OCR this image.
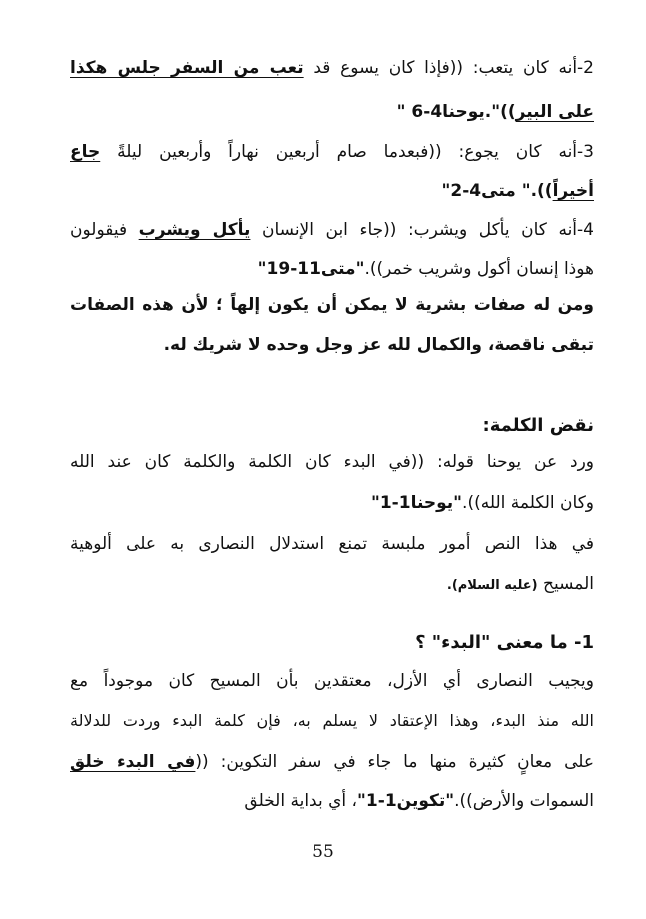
2-أنه كان يتعب: ((فإذا كان يسوع قد تعب من السفر جلس هكذا
على البير))".يوحنا4-6 "
3-أنه كان يجوع: ((فبعدما صام أربعين نهاراً وأربعين ليلةً جاع
أخيراً))." متى4-2"
4-أنه كان يأكل ويشرب: ((جاء ابن الإنسان يأكل ويشرب فيقولون
هوذا إنسان أكول وشريب خمر))."متى11-19"
ومن له صفات بشرية لا يمكن أن يكون إلهاً ؛ لأن هذه الصفات
تبقى ناقصة، والكمال لله عز وجل وحده لا شريك له.
نقض الكلمة:
ورد عن يوحنا قوله: ((في البدء كان الكلمة والكلمة كان عند الله
وكان الكلمة الله))."يوحنا1-1"
في هذا النص أمور ملبسة تمنع استدلال النصارى به على ألوهية
المسيح (عليه السلام).
1- ما معنى "البدء" ؟
ويجيب النصارى أي الأزل، معتقدين بأن المسيح كان موجوداً مع
الله منذ البدء، وهذا الإعتقاد لا يسلم به، فإن كلمة البدء وردت للدلالة
على معانٍ كثيرة منها ما جاء في سفر التكوين: ((في البدء خلق
السموات والأرض))."تكوين1-1"، أي بداية الخلق
55
